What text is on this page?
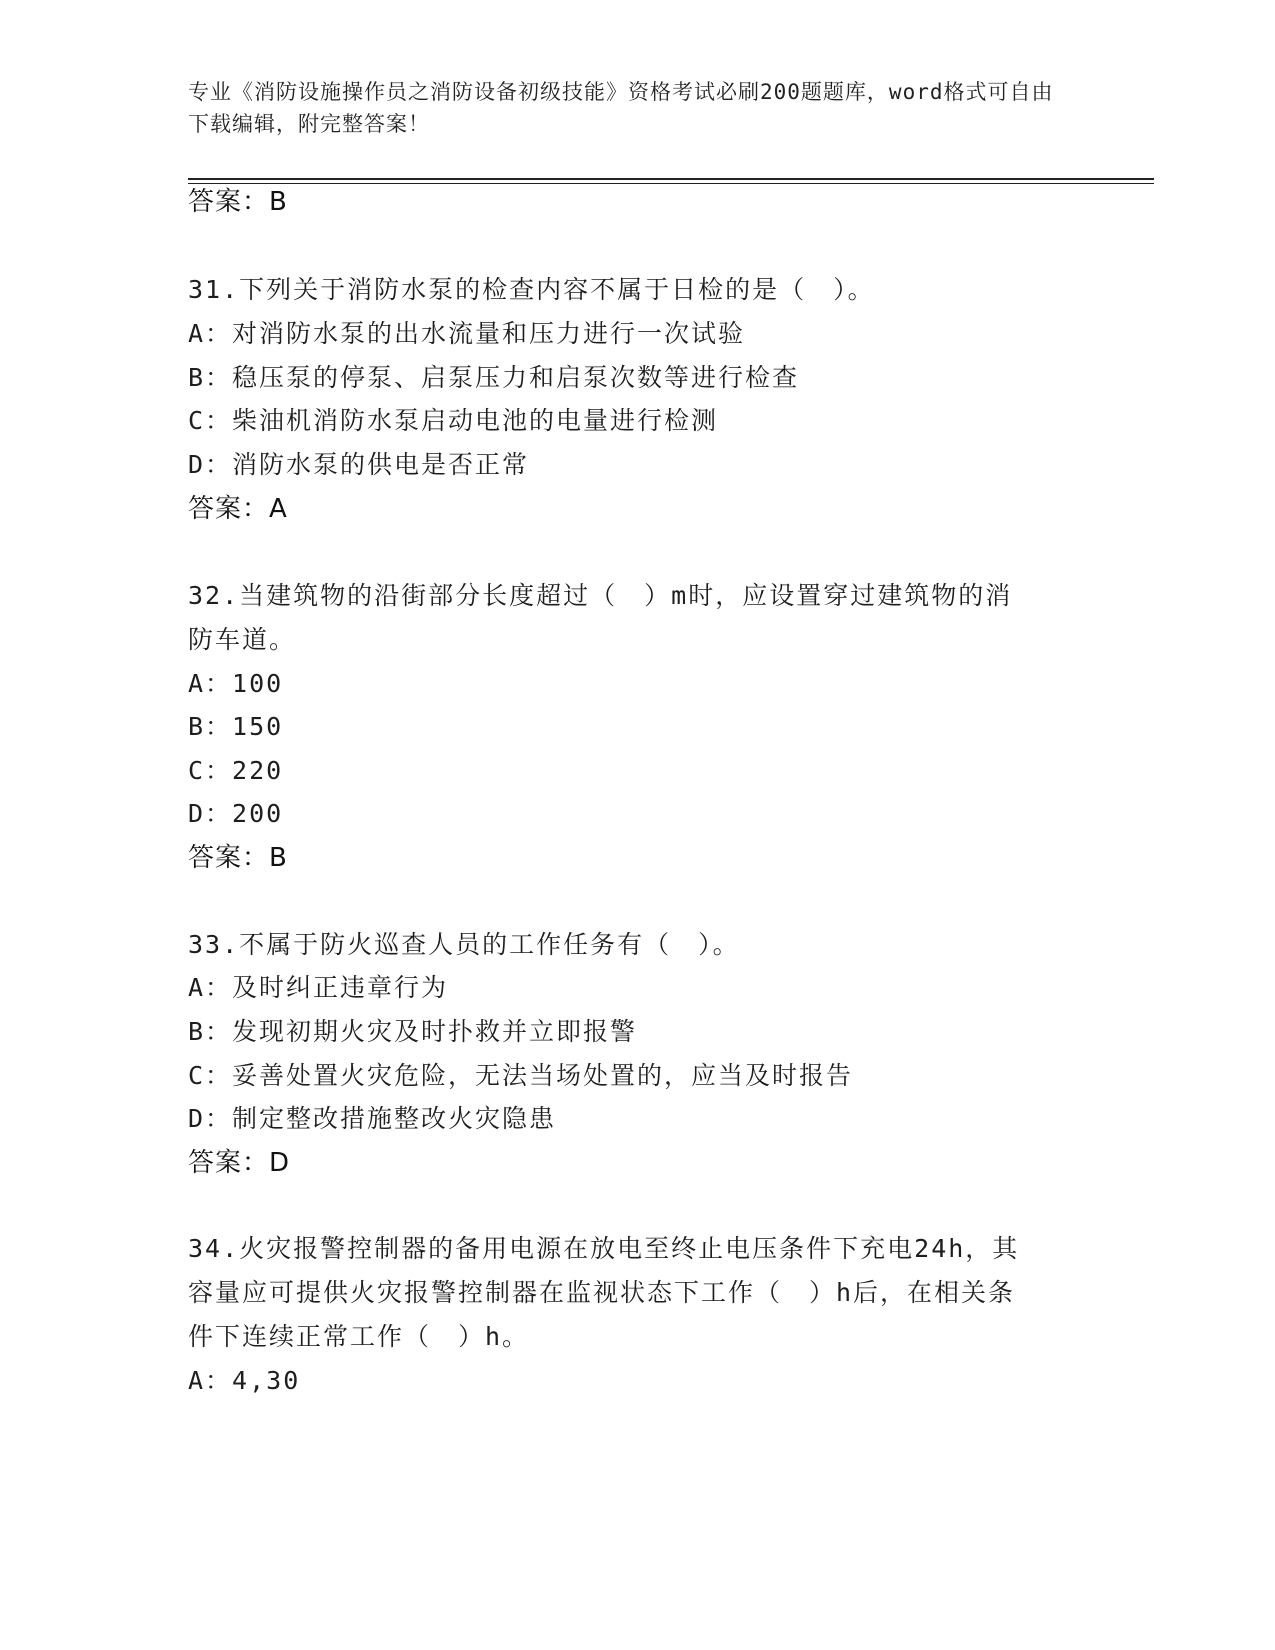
专业《消防设施操作员之消防设备初级技能》资格考试必刷200题题库，word格式可自由下载编辑，附完整答案！
答案：B
31.下列关于消防水泵的检查内容不属于日检的是（　）。
A：对消防水泵的出水流量和压力进行一次试验
B：稳压泵的停泵、启泵压力和启泵次数等进行检查
C：柴油机消防水泵启动电池的电量进行检测
D：消防水泵的供电是否正常
答案：A
32.当建筑物的沿街部分长度超过（　）m时，应设置穿过建筑物的消
防车道。
A：100
B：150
C：220
D：200
答案：B
33.不属于防火巡查人员的工作任务有（　）。
A：及时纠正违章行为
B：发现初期火灾及时扑救并立即报警
C：妥善处置火灾危险，无法当场处置的，应当及时报告
D：制定整改措施整改火灾隐患
答案：D
34.火灾报警控制器的备用电源在放电至终止电压条件下充电24h，其
容量应可提供火灾报警控制器在监视状态下工作（　）h后，在相关条
件下连续正常工作（　）h。
A：4,30
